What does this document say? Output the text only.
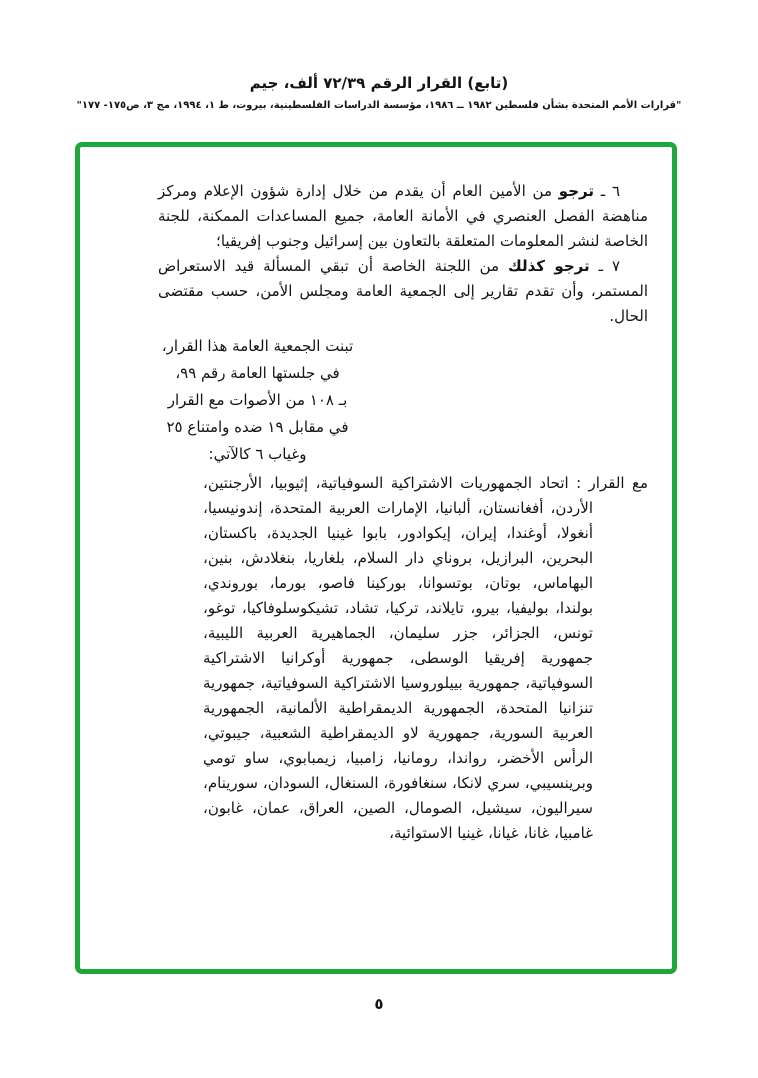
(تابع) القرار الرقم ٧٢/٣٩ ألف، جيم
"قرارات الأمم المتحدة بشأن فلسطين ١٩٨٢ ــ ١٩٨٦، مؤسسة الدراسات الفلسطينية، بيروت، ط ١، ١٩٩٤، مج ٣، ص١٧٥- ١٧٧"

٦ ـ ترجو من الأمين العام أن يقدم من خلال إدارة شؤون الإعلام ومركز مناهضة الفصل العنصري في الأمانة العامة، جميع المساعدات الممكنة، للجنة الخاصة لنشر المعلومات المتعلقة بالتعاون بين إسرائيل وجنوب إفريقيا؛

٧ ـ ترجو كذلك من اللجنة الخاصة أن تبقي المسألة قيد الاستعراض المستمر، وأن تقدم تقارير إلى الجمعية العامة ومجلس الأمن، حسب مقتضى الحال.

تبنت الجمعية العامة هذا القرار،
في جلستها العامة رقم ٩٩،
بـ ١٠٨ من الأصوات مع القرار
في مقابل ١٩ ضده وامتناع ٢٥
وغياب ٦ كالآتي:

مع القرار : اتحاد الجمهوريات الاشتراكية السوفياتية، إثيوبيا، الأرجنتين، الأردن، أفغانستان، ألبانيا، الإمارات العربية المتحدة، إندونيسيا، أنغولا، أوغندا، إيران، إيكوادور، بابوا غينيا الجديدة، باكستان، البحرين، البرازيل، بروناي دار السلام، بلغاريا، بنغلادش، بنين، البهاماس، بوتان، بوتسوانا، بوركينا فاصو، بورما، بوروندي، بولندا، بوليفيا، بيرو، تايلاند، تركيا، تشاد، تشيكوسلوفاكيا، توغو، تونس، الجزائر، جزر سليمان، الجماهيرية العربية الليبية، جمهورية إفريقيا الوسطى، جمهورية أوكرانيا الاشتراكية السوفياتية، جمهورية بييلوروسيا الاشتراكية السوفياتية، جمهورية تنزانيا المتحدة، الجمهورية الديمقراطية الألمانية، الجمهورية العربية السورية، جمهورية لاو الديمقراطية الشعبية، جيبوتي، الرأس الأخضر، رواندا، رومانيا، زامبيا، زيمبابوي، ساو تومي وبرينسيبي، سري لانكا، سنغافورة، السنغال، السودان، سورينام، سيراليون، سيشيل، الصومال، الصين، العراق، عمان، غابون، غامبيا، غانا، غيانا، غينيا الاستوائية،

٥
